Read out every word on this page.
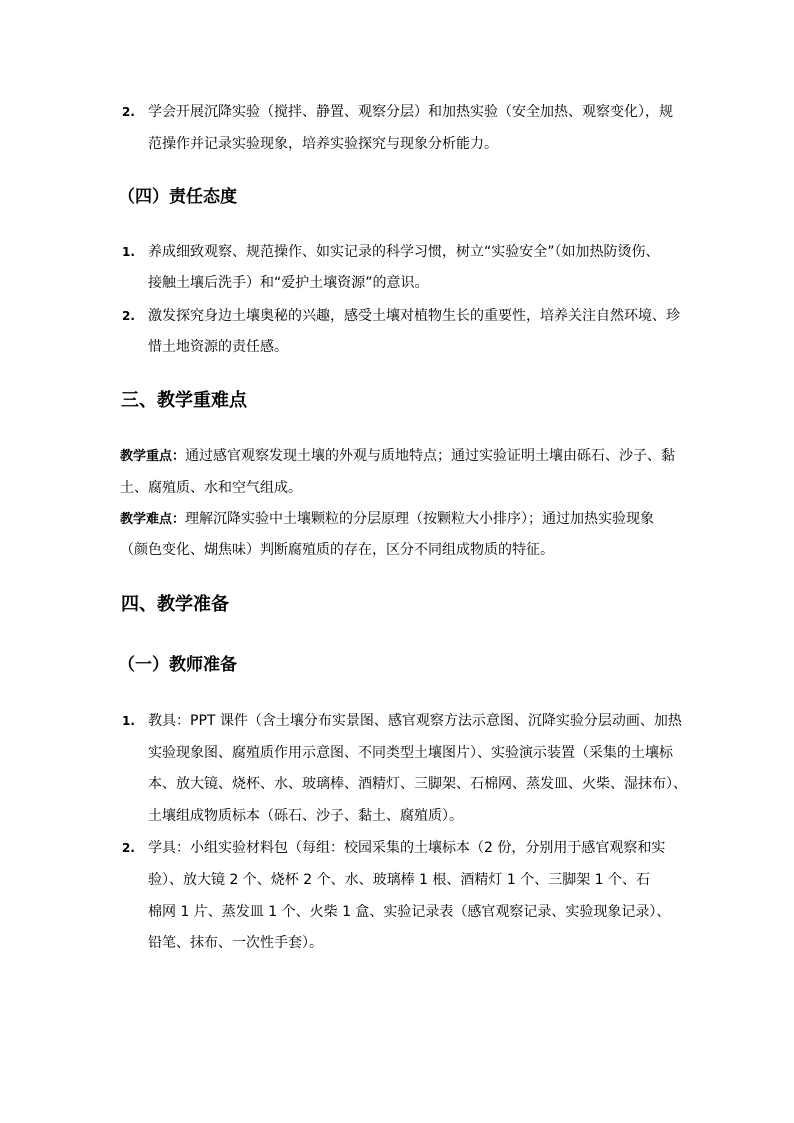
2. 学会开展沉降实验（搅拌、静置、观察分层）和加热实验（安全加热、观察变化），规
范操作并记录实验现象，培养实验探究与现象分析能力。
（四）责任态度
1. 养成细致观察、规范操作、如实记录的科学习惯，树立“实验安全”（如加热防烫伤、
接触土壤后洗手）和“爱护土壤资源”的意识。
2. 激发探究身边土壤奥秘的兴趣，感受土壤对植物生长的重要性，培养关注自然环境、珍
惜土地资源的责任感。
三、教学重难点
教学重点：通过感官观察发现土壤的外观与质地特点；通过实验证明土壤由砾石、沙子、黏
土、腐殖质、水和空气组成。
教学难点：理解沉降实验中土壤颗粒的分层原理（按颗粒大小排序）；通过加热实验现象
（颜色变化、煳焦味）判断腐殖质的存在，区分不同组成物质的特征。
四、教学准备
（一）教师准备
1. 教具：PPT 课件（含土壤分布实景图、感官观察方法示意图、沉降实验分层动画、加热
实验现象图、腐殖质作用示意图、不同类型土壤图片）、实验演示装置（采集的土壤标
本、放大镜、烧杯、水、玻璃棒、酒精灯、三脚架、石棉网、蒸发皿、火柴、湿抹布）、
土壤组成物质标本（砾石、沙子、黏土、腐殖质）。
2. 学具：小组实验材料包（每组：校园采集的土壤标本（2 份，分别用于感官观察和实
验）、放大镜 2 个、烧杯 2 个、水、玻璃棒 1 根、酒精灯 1 个、三脚架 1 个、石
棉网 1 片、蒸发皿 1 个、火柴 1 盒、实验记录表（感官观察记录、实验现象记录）、
铅笔、抹布、一次性手套）。
